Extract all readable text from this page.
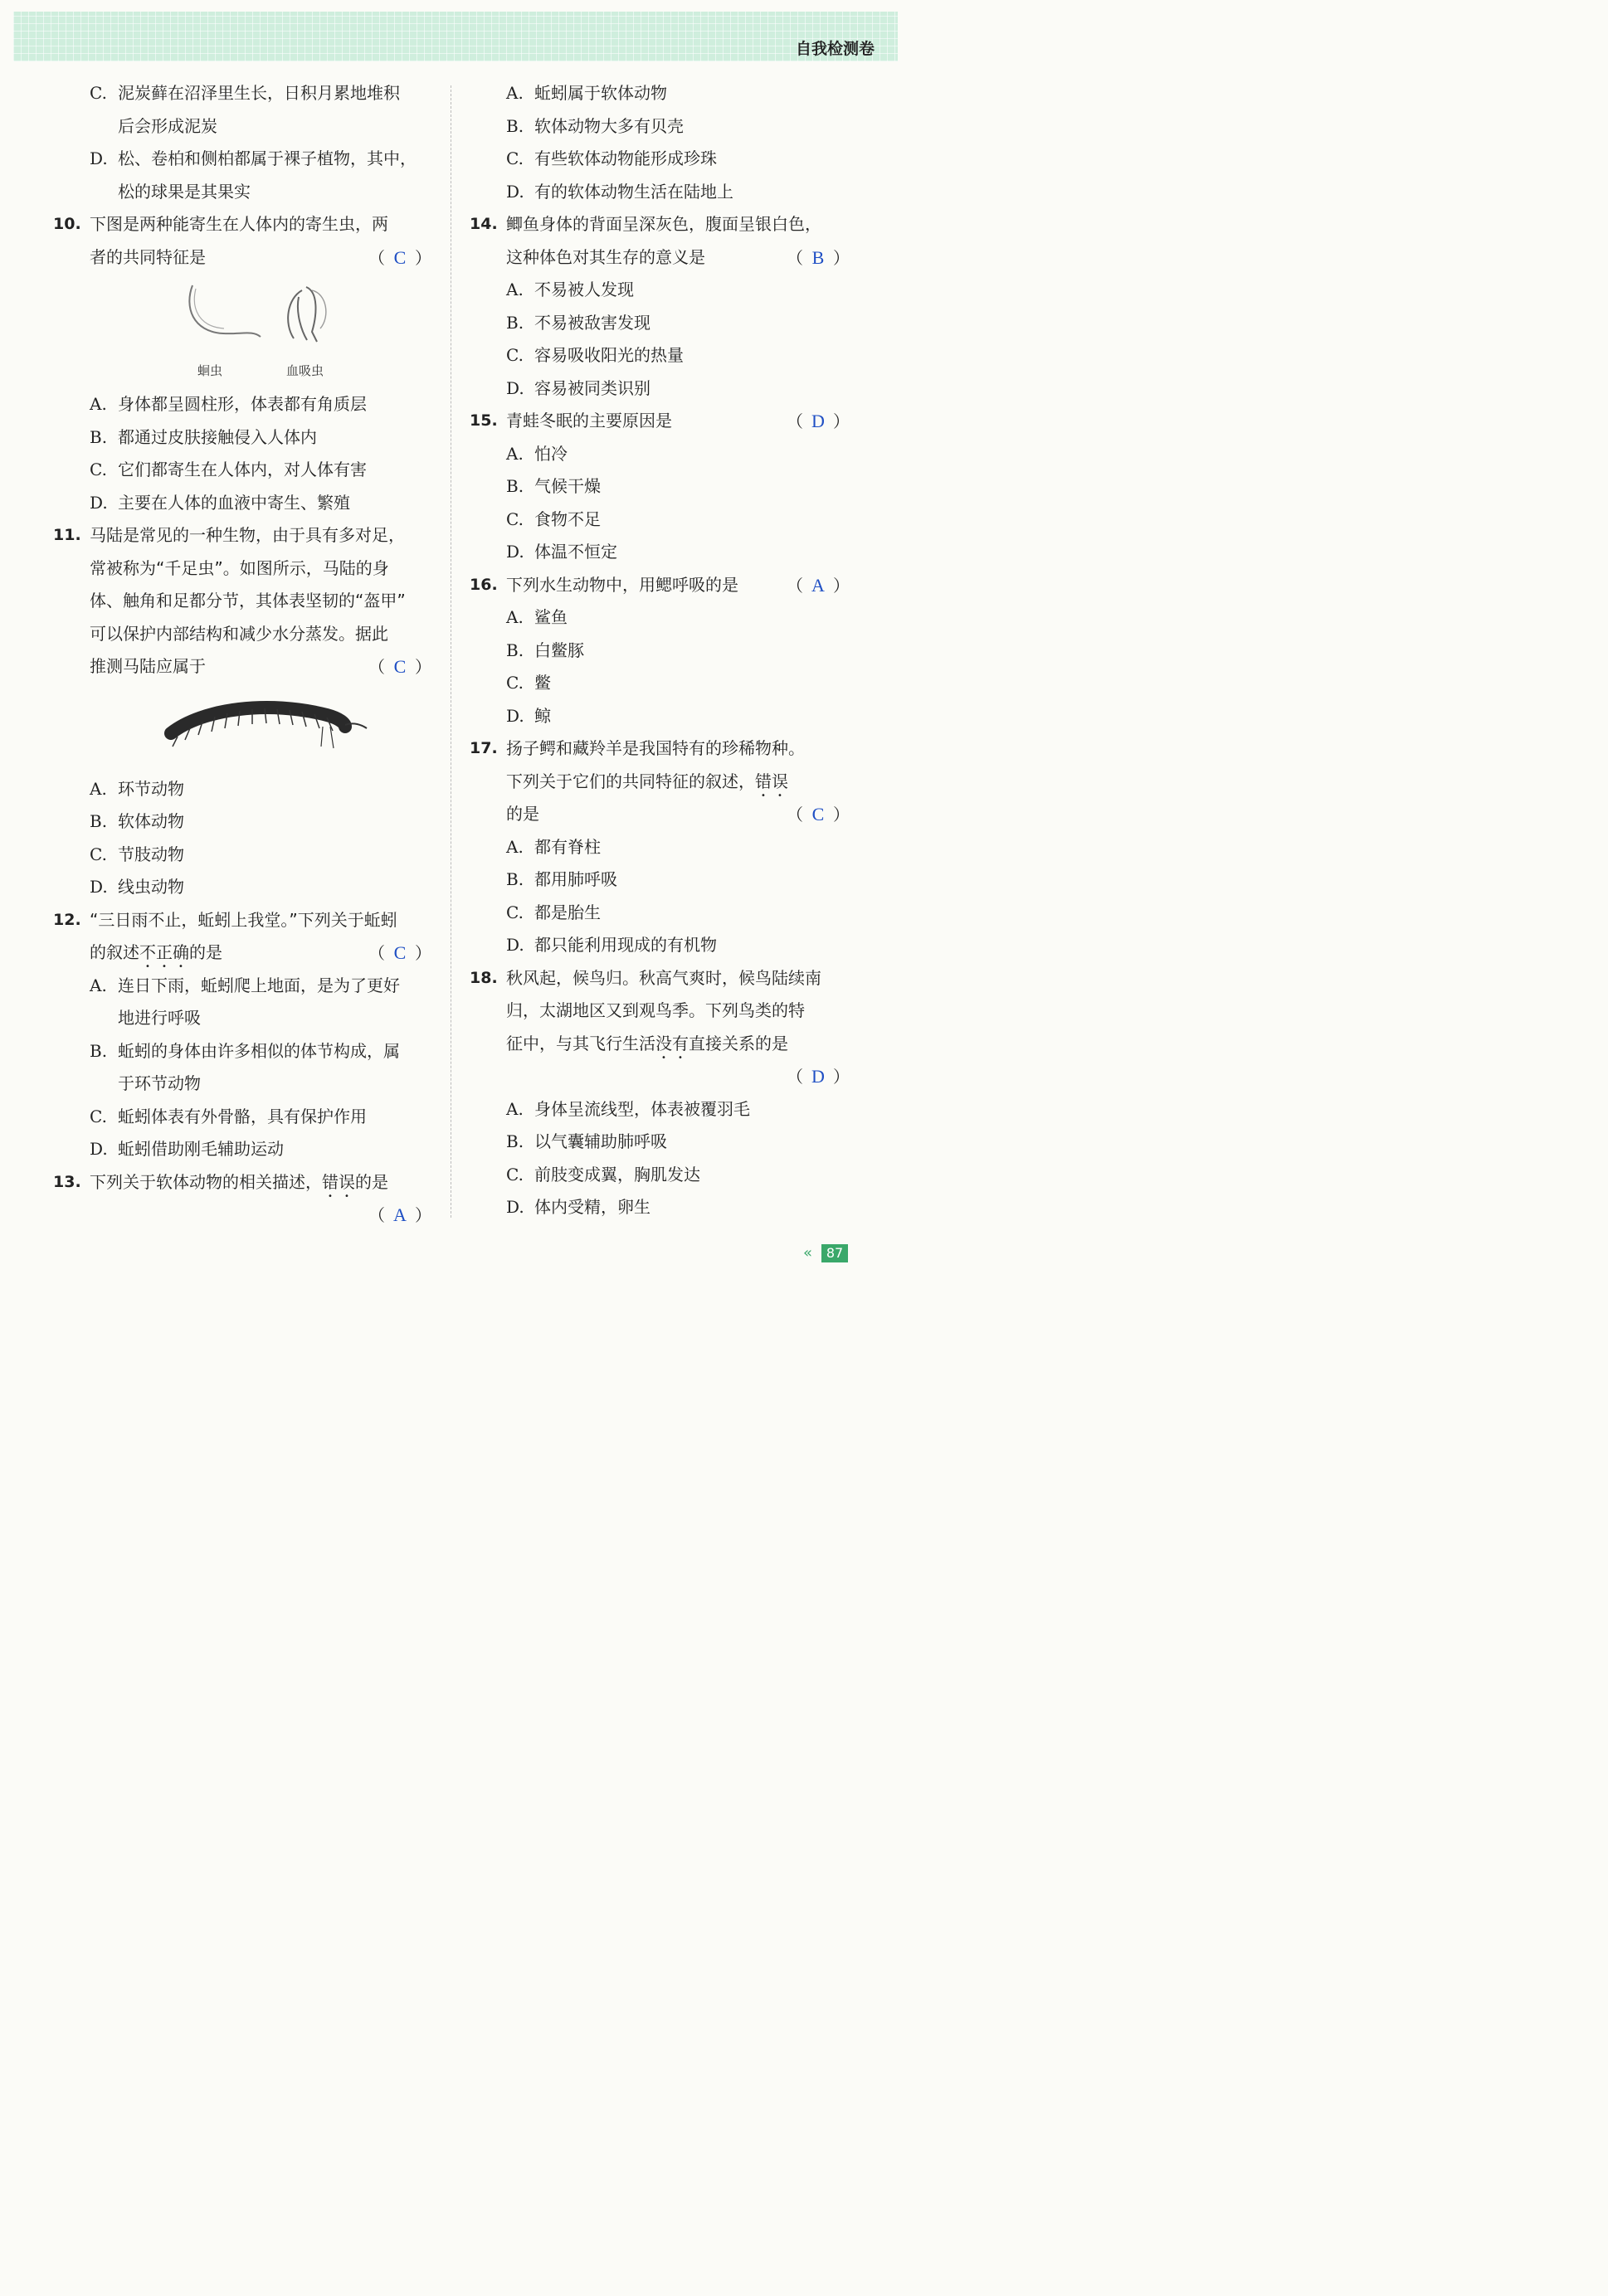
自我检测卷
C. 泥炭藓在沼泽里生长，日积月累地堆积
后会形成泥炭
D. 松、卷柏和侧柏都属于裸子植物，其中，
松的球果是其果实
10. 下图是两种能寄生在人体内的寄生虫，两
者的共同特征是	（ C ）
蛔虫	血吸虫
A. 身体都呈圆柱形，体表都有角质层
B. 都通过皮肤接触侵入人体内
C. 它们都寄生在人体内，对人体有害
D. 主要在人体的血液中寄生、繁殖
11. 马陆是常见的一种生物，由于具有多对足，
常被称为“千足虫”。如图所示，马陆的身
体、触角和足都分节，其体表坚韧的“盔甲”
可以保护内部结构和减少水分蒸发。据此
推测马陆应属于	（ C ）
A. 环节动物
B. 软体动物
C. 节肢动物
D. 线虫动物
12. “三日雨不止，蚯蚓上我堂。”下列关于蚯蚓
的叙述不正确的是	（ C ）
A. 连日下雨，蚯蚓爬上地面，是为了更好
地进行呼吸
B. 蚯蚓的身体由许多相似的体节构成，属
于环节动物
C. 蚯蚓体表有外骨骼，具有保护作用
D. 蚯蚓借助刚毛辅助运动
13. 下列关于软体动物的相关描述，错误的是
（ A ）
A. 蚯蚓属于软体动物
B. 软体动物大多有贝壳
C. 有些软体动物能形成珍珠
D. 有的软体动物生活在陆地上
14. 鲫鱼身体的背面呈深灰色，腹面呈银白色，
这种体色对其生存的意义是	（ B ）
A. 不易被人发现
B. 不易被敌害发现
C. 容易吸收阳光的热量
D. 容易被同类识别
15. 青蛙冬眠的主要原因是	（ D ）
A. 怕冷
B. 气候干燥
C. 食物不足
D. 体温不恒定
16. 下列水生动物中，用鳃呼吸的是	（ A ）
A. 鲨鱼
B. 白鳖豚
C. 鳖
D. 鲸
17. 扬子鳄和藏羚羊是我国特有的珍稀物种。
下列关于它们的共同特征的叙述，错误
的是	（ C ）
A. 都有脊柱
B. 都用肺呼吸
C. 都是胎生
D. 都只能利用现成的有机物
18. 秋风起，候鸟归。秋高气爽时，候鸟陆续南
归，太湖地区又到观鸟季。下列鸟类的特
征中，与其飞行生活没有直接关系的是
（ D ）
A. 身体呈流线型，体表被覆羽毛
B. 以气囊辅助肺呼吸
C. 前肢变成翼，胸肌发达
D. 体内受精，卵生
«	87
